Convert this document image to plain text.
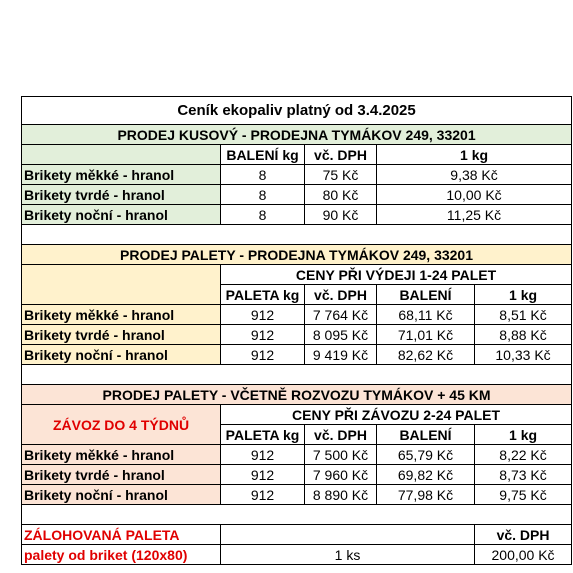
Ceník ekopaliv platný od 3.4.2025				
PRODEJ KUSOVÝ - PRODEJNA TYMÁKOV 249, 33201				
	BALENÍ kg	vč. DPH	1 kg	
Brikety měkké - hranol	8	75 Kč	9,38 Kč	
Brikety tvrdé - hranol	8	80 Kč	10,00 Kč	
Brikety noční - hranol	8	90 Kč	11,25 Kč	

PRODEJ PALETY - PRODEJNA TYMÁKOV 249, 33201				
	CENY PŘI VÝDEJI 1-24 PALET			
	PALETA kg	vč. DPH	BALENÍ	1 kg
Brikety měkké - hranol	912	7 764 Kč	68,11 Kč	8,51 Kč
Brikety tvrdé - hranol	912	8 095 Kč	71,01 Kč	8,88 Kč
Brikety noční - hranol	912	9 419 Kč	82,62 Kč	10,33 Kč

PRODEJ PALETY - VČETNĚ ROZVOZU TYMÁKOV + 45 KM				
ZÁVOZ DO 4 TÝDNŮ	CENY PŘI ZÁVOZU 2-24 PALET			
	PALETA kg	vč. DPH	BALENÍ	1 kg
Brikety měkké - hranol	912	7 500 Kč	65,79 Kč	8,22 Kč
Brikety tvrdé - hranol	912	7 960 Kč	69,82 Kč	8,73 Kč
Brikety noční - hranol	912	8 890 Kč	77,98 Kč	9,75 Kč

ZÁLOHOVANÁ PALETA				vč. DPH
palety od briket (120x80)	1 ks			200,00 Kč
